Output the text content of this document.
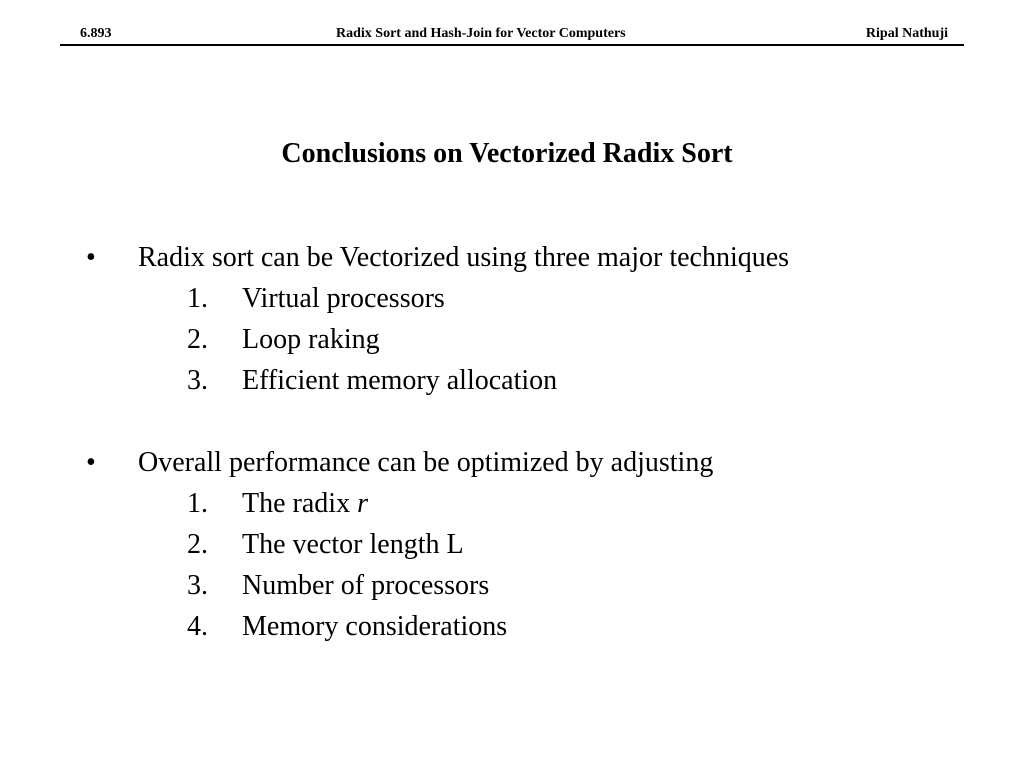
6.893	Radix Sort and Hash-Join for Vector Computers	Ripal Nathuji
Conclusions on Vectorized Radix Sort
• Radix sort can be Vectorized using three major techniques
1. Virtual processors
2. Loop raking
3. Efficient memory allocation
• Overall performance can be optimized by adjusting
1. The radix r
2. The vector length L
3. Number of processors
4. Memory considerations
